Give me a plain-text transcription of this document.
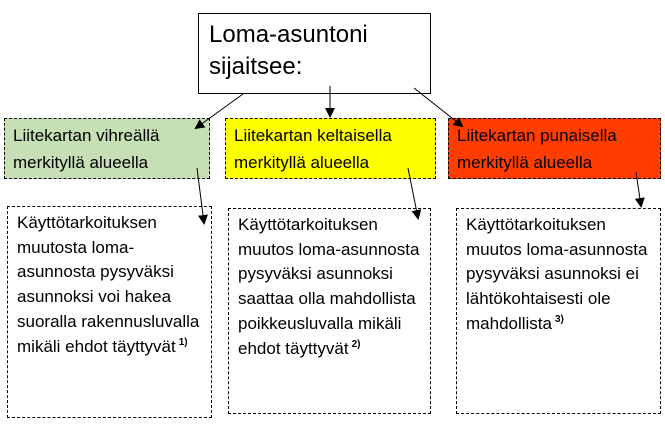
Loma-asuntoni sijaitsee:
Liitekartan vihreällä merkityllä alueella
Liitekartan keltaisella merkityllä alueella
Liitekartan punaisella merkityllä alueella
Käyttötarkoituksen muutosta loma-asunnosta pysyväksi asunnoksi voi hakea suoralla rakennusluvalla mikäli ehdot täyttyvät $^{1)}$
Käyttötarkoituksen muutos loma-asunnosta pysyväksi asunnoksi saattaa olla mahdollista poikkeusluvalla mikäli ehdot täyttyvät $^{2)}$
Käyttötarkoituksen muutos loma-asunnosta pysyväksi asunnoksi ei lähtökohtaisesti ole mahdollista $^{3)}$
